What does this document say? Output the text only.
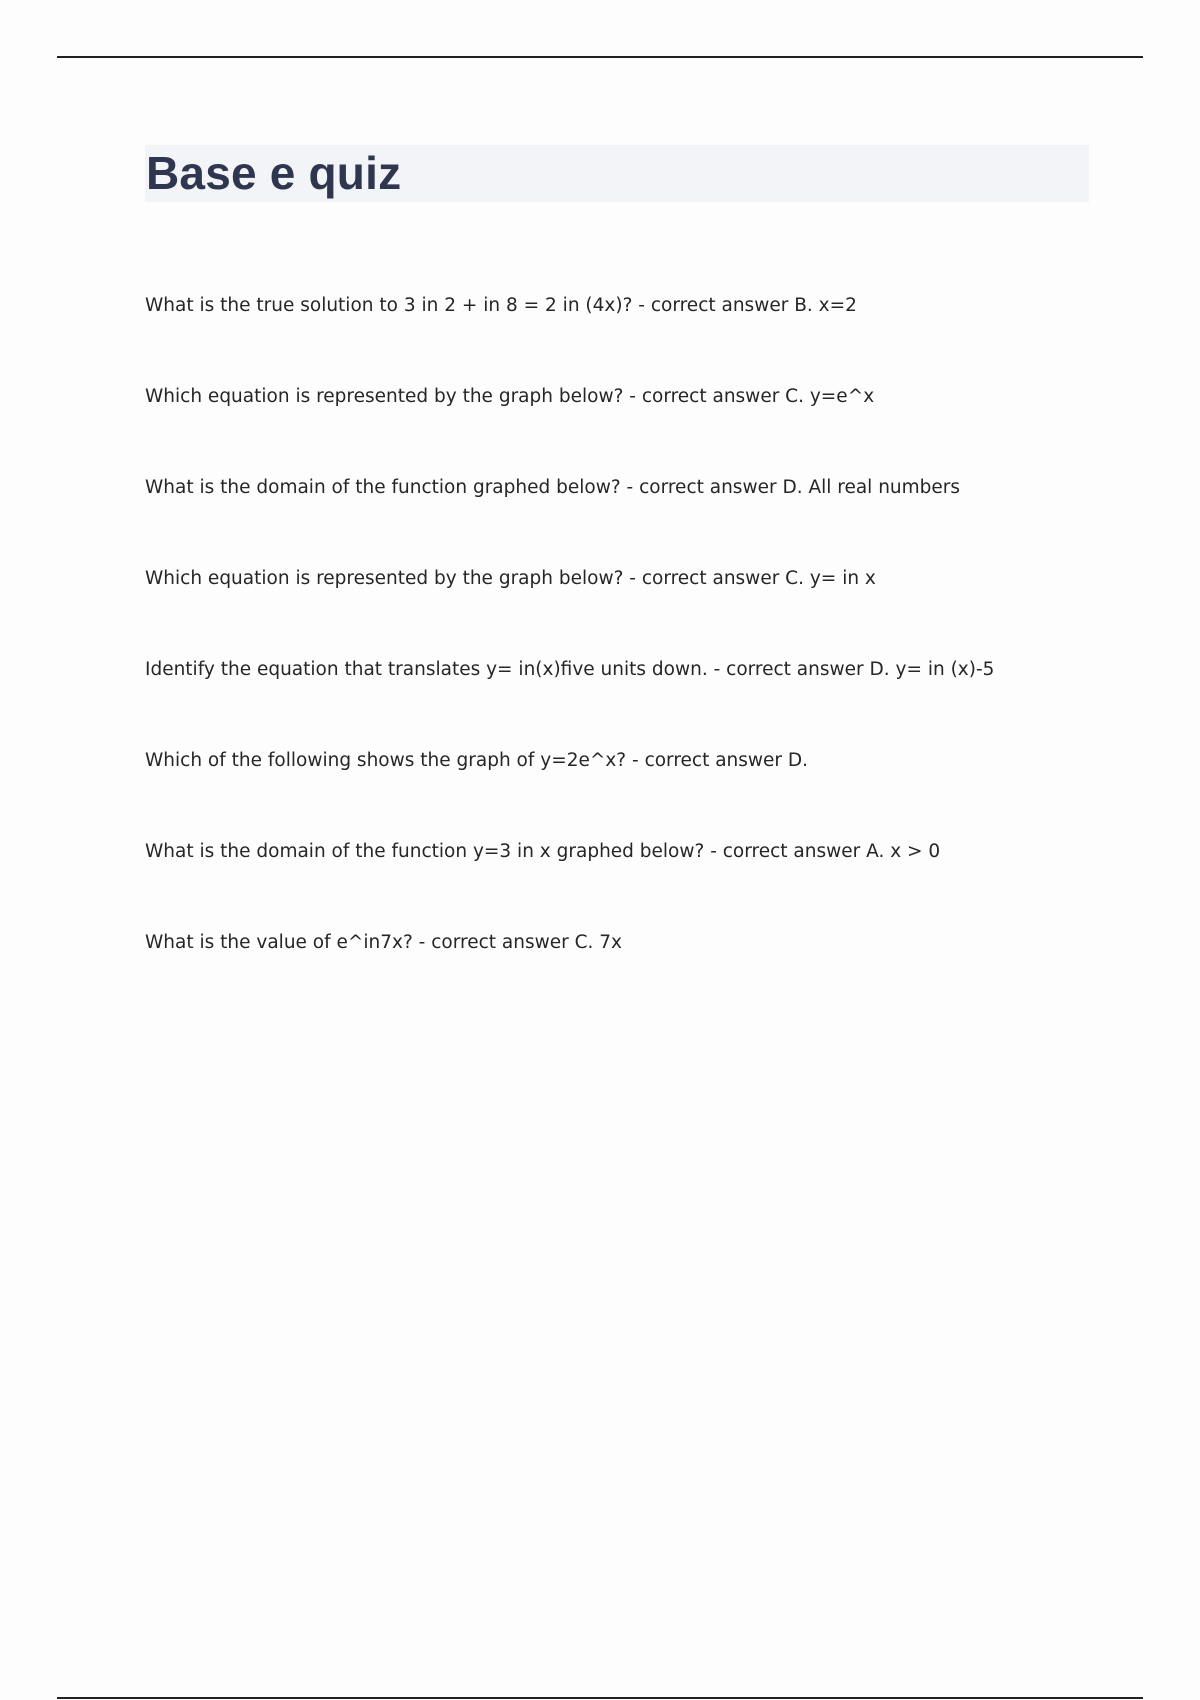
Base e quiz
What is the true solution to 3 in 2 + in 8 = 2 in (4x)? - correct answer B. x=2
Which equation is represented by the graph below? - correct answer C. y=e^x
What is the domain of the function graphed below? - correct answer D. All real numbers
Which equation is represented by the graph below? - correct answer C. y= in x
Identify the equation that translates y= in(x)five units down. - correct answer D. y= in (x)-5
Which of the following shows the graph of y=2e^x? - correct answer D.
What is the domain of the function y=3 in x graphed below? - correct answer A. x > 0
What is the value of e^in7x? - correct answer C. 7x
